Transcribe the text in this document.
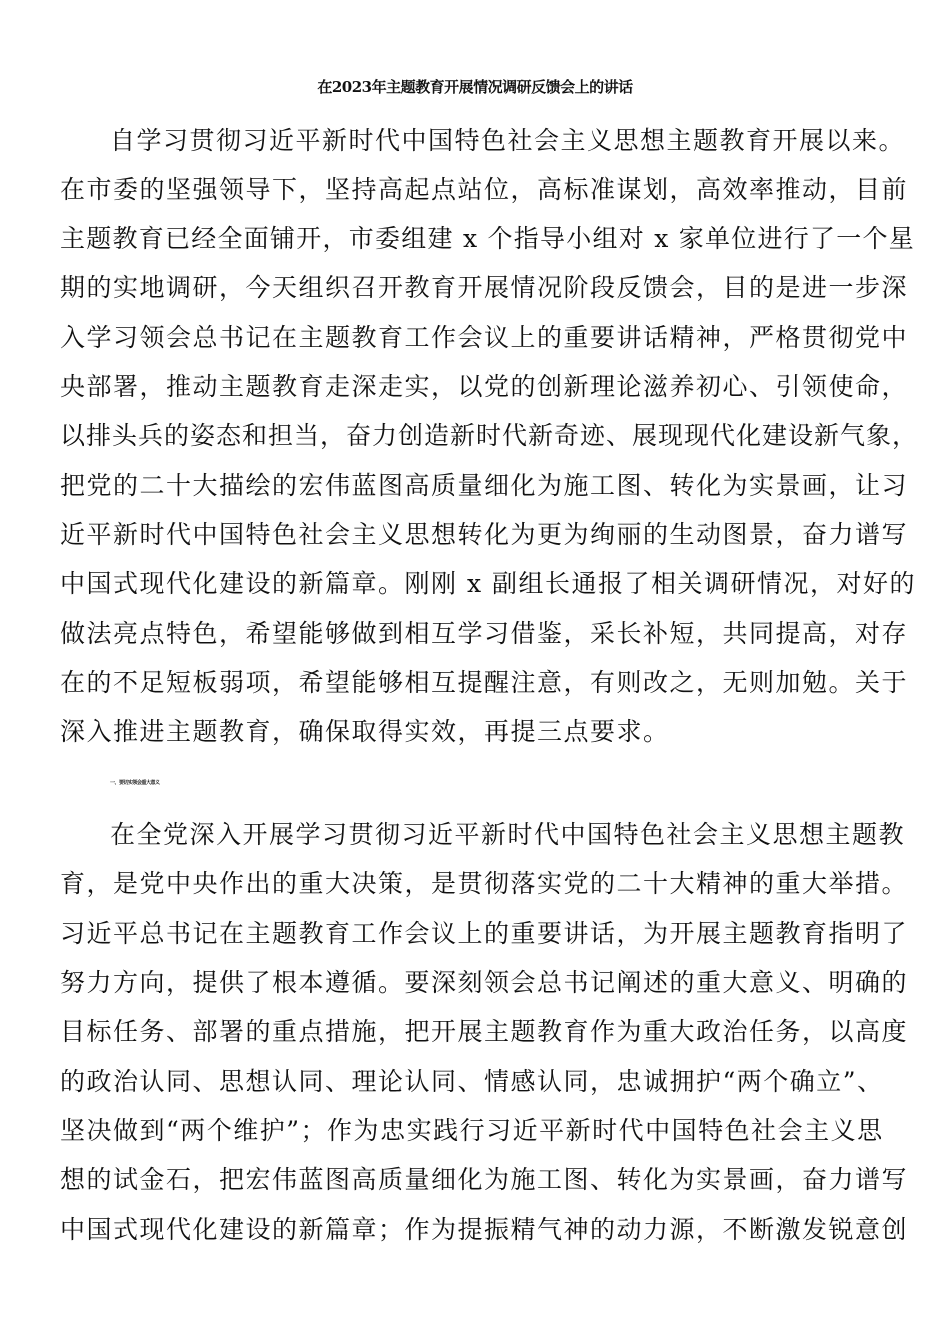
在2023年主题教育开展情况调研反馈会上的讲话

自学习贯彻习近平新时代中国特色社会主义思想主题教育开展以来。

在市委的坚强领导下，坚持高起点站位，高标准谋划，高效率推动，目前

主题教育已经全面铺开，市委组建 x 个指导小组对 x 家单位进行了一个星

期的实地调研，今天组织召开教育开展情况阶段反馈会，目的是进一步深

入学习领会总书记在主题教育工作会议上的重要讲话精神，严格贯彻党中

央部署，推动主题教育走深走实，以党的创新理论滋养初心、引领使命，

以排头兵的姿态和担当，奋力创造新时代新奇迹、展现现代化建设新气象，

把党的二十大描绘的宏伟蓝图高质量细化为施工图、转化为实景画，让习

近平新时代中国特色社会主义思想转化为更为绚丽的生动图景，奋力谱写

中国式现代化建设的新篇章。刚刚 x 副组长通报了相关调研情况，对好的

做法亮点特色，希望能够做到相互学习借鉴，采长补短，共同提高，对存

在的不足短板弱项，希望能够相互提醒注意，有则改之，无则加勉。关于

深入推进主题教育，确保取得实效，再提三点要求。

一、要切实领会重大意义

在全党深入开展学习贯彻习近平新时代中国特色社会主义思想主题教

育，是党中央作出的重大决策，是贯彻落实党的二十大精神的重大举措。

习近平总书记在主题教育工作会议上的重要讲话，为开展主题教育指明了

努力方向，提供了根本遵循。要深刻领会总书记阐述的重大意义、明确的

目标任务、部署的重点措施，把开展主题教育作为重大政治任务，以高度

的政治认同、思想认同、理论认同、情感认同，忠诚拥护“两个确立”、

坚决做到“两个维护”；作为忠实践行习近平新时代中国特色社会主义思

想的试金石，把宏伟蓝图高质量细化为施工图、转化为实景画，奋力谱写

中国式现代化建设的新篇章；作为提振精气神的动力源，不断激发锐意创
